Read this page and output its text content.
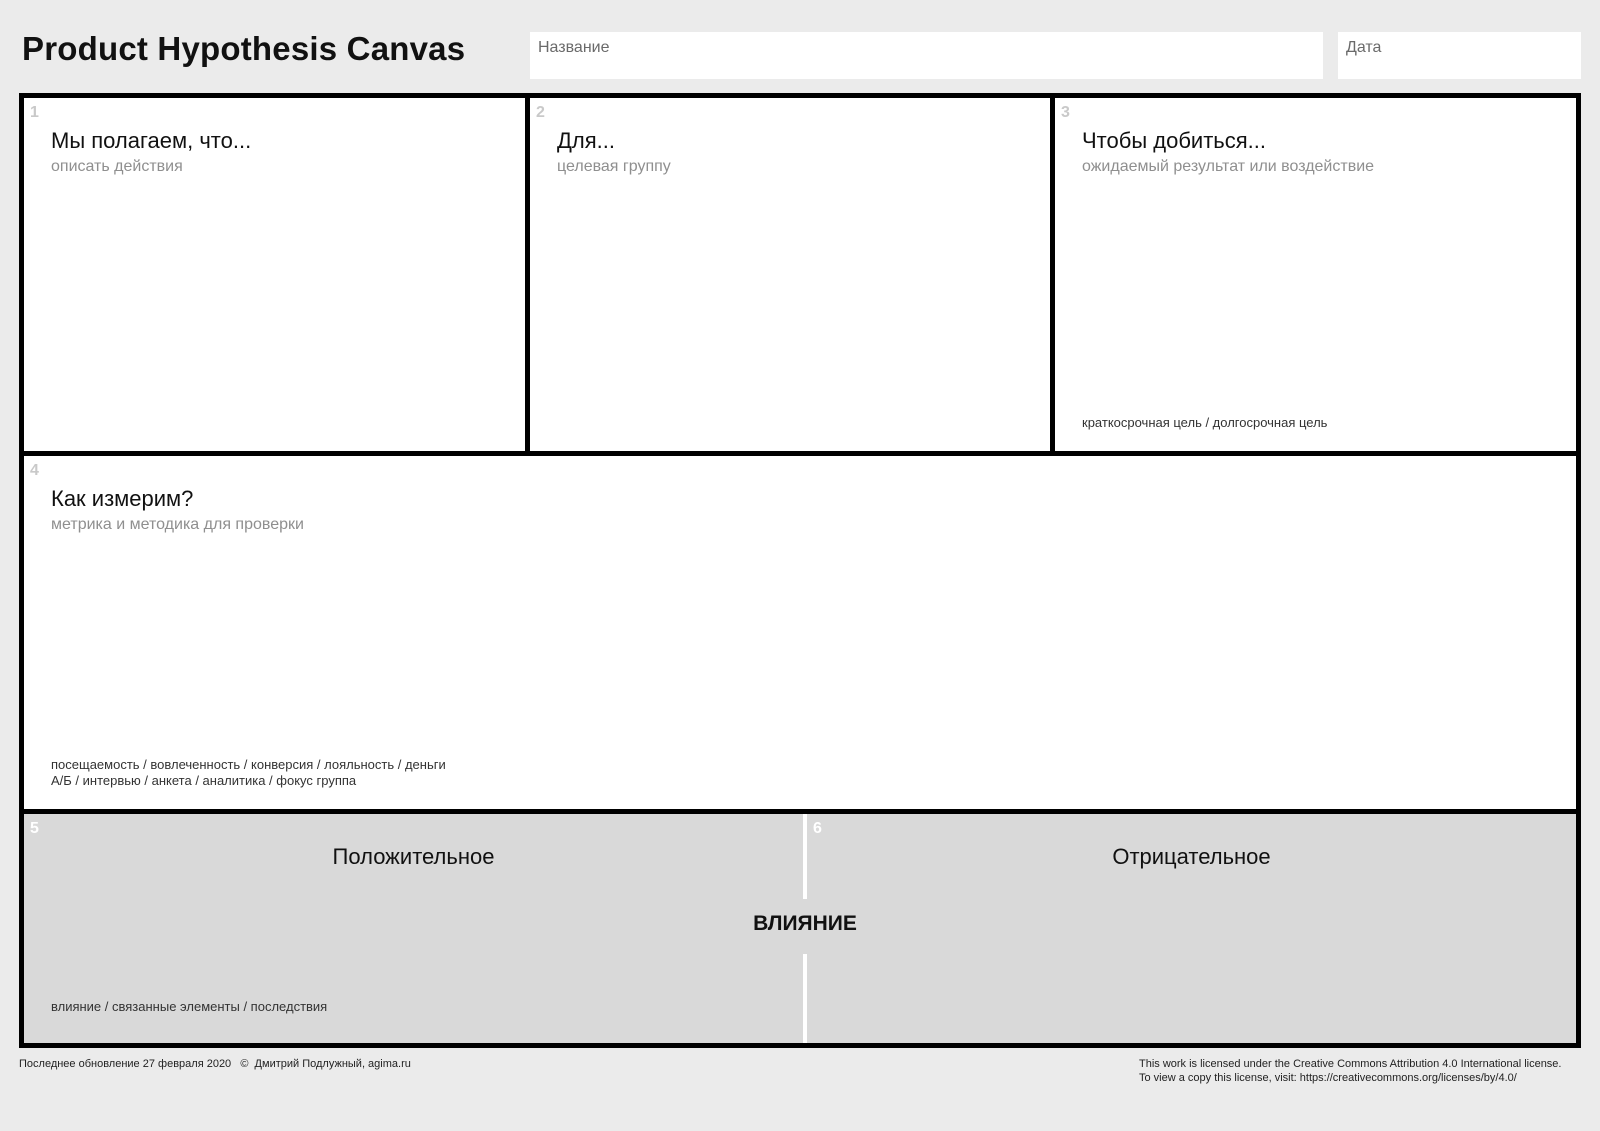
Product Hypothesis Canvas	Название	Дата
1
Мы полагаем, что...
описать действия
2
Для...
целевая группу
3
Чтобы добиться...
ожидаемый результат или воздействие
краткосрочная цель / долгосрочная цель
4
Как измерим?
метрика и методика для проверки
посещаемость / вовлеченность / конверсия / лояльность / деньги
А/Б / интервью / анкета / аналитика / фокус группа
5
Положительное
влияние / связанные элементы / последствия
6
Отрицательное
ВЛИЯНИЕ
Последнее обновление 27 февраля 2020   ©  Дмитрий Подлужный, agima.ru	This work is licensed under the Creative Commons Attribution 4.0 International license.
To view a copy this license, visit: https://creativecommons.org/licenses/by/4.0/
